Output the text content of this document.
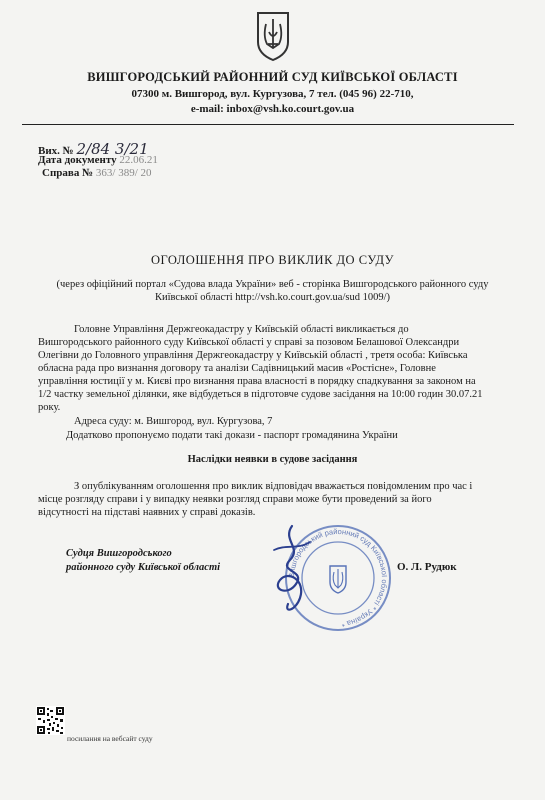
ВИШГОРОДСЬКИЙ РАЙОННИЙ СУД КИЇВСЬКОЇ ОБЛАСТІ
07300 м. Вишгород, вул. Кургузова, 7 тел. (045 96) 22-710,
e-mail: inbox@vsh.ko.court.gov.ua
Вих. № 2/84 3/21
Дата документу 22.06.21
Справа № 363/ 389/ 20
ОГОЛОШЕННЯ ПРО ВИКЛИК ДО СУДУ
(через офіційний портал «Судова влада України» веб - сторінка Вишгородського районного суду
Київської області http://vsh.ko.court.gov.ua/sud 1009/)
Головне Управління Держгеокадастру у Київській області викликається до
Вишгородського районного суду Київської області у справі за позовом Белашової Олександри
Олегівни до Головного управління Держгеокадастру у Київській області , третя особа: Київська
обласна рада про визнання договору та аналізи Садівницький масив «Ростісне», Головне
управління юстиції у м. Києві про визнання права власності в порядку спадкування за законом на
1/2 частку земельної ділянки, яке відбудеться в підготовче судове засідання на 10:00 годин 30.07.21
року.
Адреса суду: м. Вишгород, вул. Кургузова, 7
Додатково пропонуємо подати такі докази - паспорт громадянина України
Наслідки неявки в судове засідання
З опублікуванням оголошення про виклик відповідач вважається повідомленим про час і
місце розгляду справи і у випадку неявки розгляд справи може бути проведений за його
відсутності на підставі наявних у справі доказів.
Судця Вишгородського
районного суду Київської області	О. Л. Рудюк
Вишгородський районний суд Київської області * Україна *
посилання на вебсайт суду
